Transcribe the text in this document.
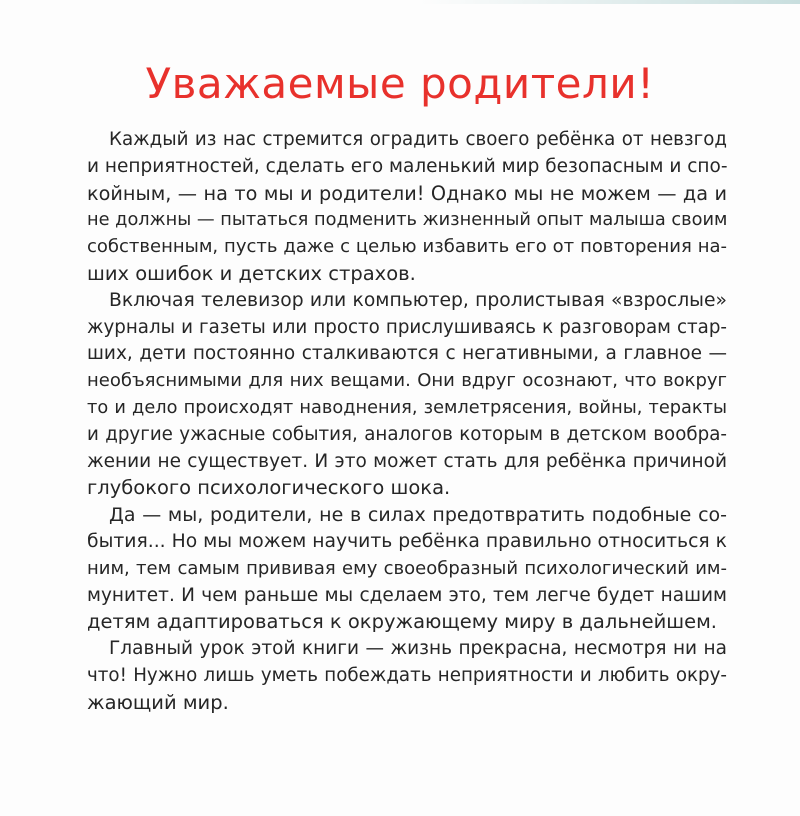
Уважаемые родители!
Каждый из нас стремится оградить своего ребёнка от невзгод
и неприятностей, сделать его маленький мир безопасным и спо-
койным, — на то мы и родители! Однако мы не можем — да и
не должны — пытаться подменить жизненный опыт малыша своим
собственным, пусть даже с целью избавить его от повторения на-
ших ошибок и детских страхов.
Включая телевизор или компьютер, пролистывая «взрослые»
журналы и газеты или просто прислушиваясь к разговорам стар-
ших, дети постоянно сталкиваются с негативными, а главное —
необъяснимыми для них вещами. Они вдруг осознают, что вокруг
то и дело происходят наводнения, землетрясения, войны, теракты
и другие ужасные события, аналогов которым в детском вообра-
жении не существует. И это может стать для ребёнка причиной
глубокого психологического шока.
Да — мы, родители, не в силах предотвратить подобные со-
бытия... Но мы можем научить ребёнка правильно относиться к
ним, тем самым прививая ему своеобразный психологический им-
мунитет. И чем раньше мы сделаем это, тем легче будет нашим
детям адаптироваться к окружающему миру в дальнейшем.
Главный урок этой книги — жизнь прекрасна, несмотря ни на
что! Нужно лишь уметь побеждать неприятности и любить окру-
жающий мир.
